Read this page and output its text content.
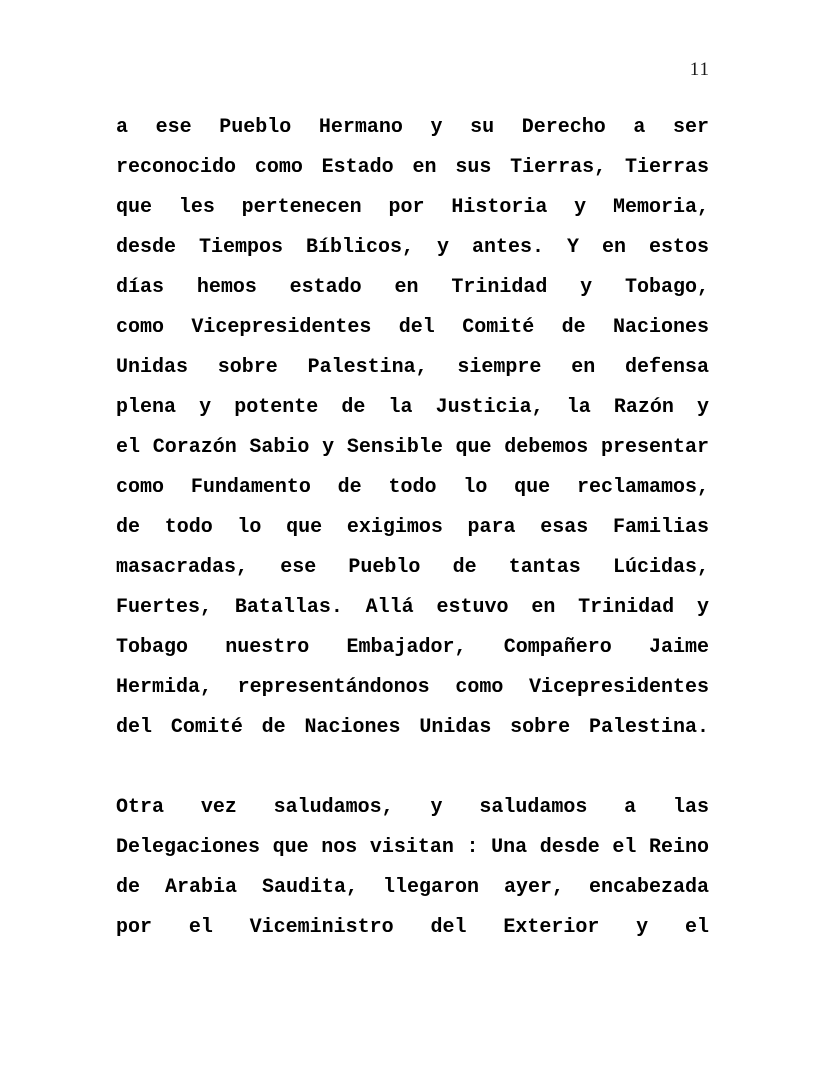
11
a ese Pueblo Hermano y su Derecho a ser
reconocido como Estado en sus Tierras, Tierras
que les pertenecen por Historia y Memoria,
desde Tiempos Bíblicos, y antes. Y en estos
días hemos estado en Trinidad y Tobago,
como Vicepresidentes del Comité de Naciones
Unidas sobre Palestina, siempre en defensa
plena y potente de la Justicia, la Razón y
el Corazón Sabio y Sensible que debemos presentar
como Fundamento de todo lo que reclamamos,
de todo lo que exigimos para esas Familias
masacradas, ese Pueblo de tantas Lúcidas,
Fuertes, Batallas. Allá estuvo en Trinidad y
Tobago nuestro Embajador, Compañero Jaime
Hermida, representándonos como Vicepresidentes
del Comité de Naciones Unidas sobre Palestina.
Otra vez saludamos, y saludamos a las
Delegaciones que nos visitan : Una desde el Reino
de Arabia Saudita, llegaron ayer, encabezada
por el Viceministro del Exterior y el
